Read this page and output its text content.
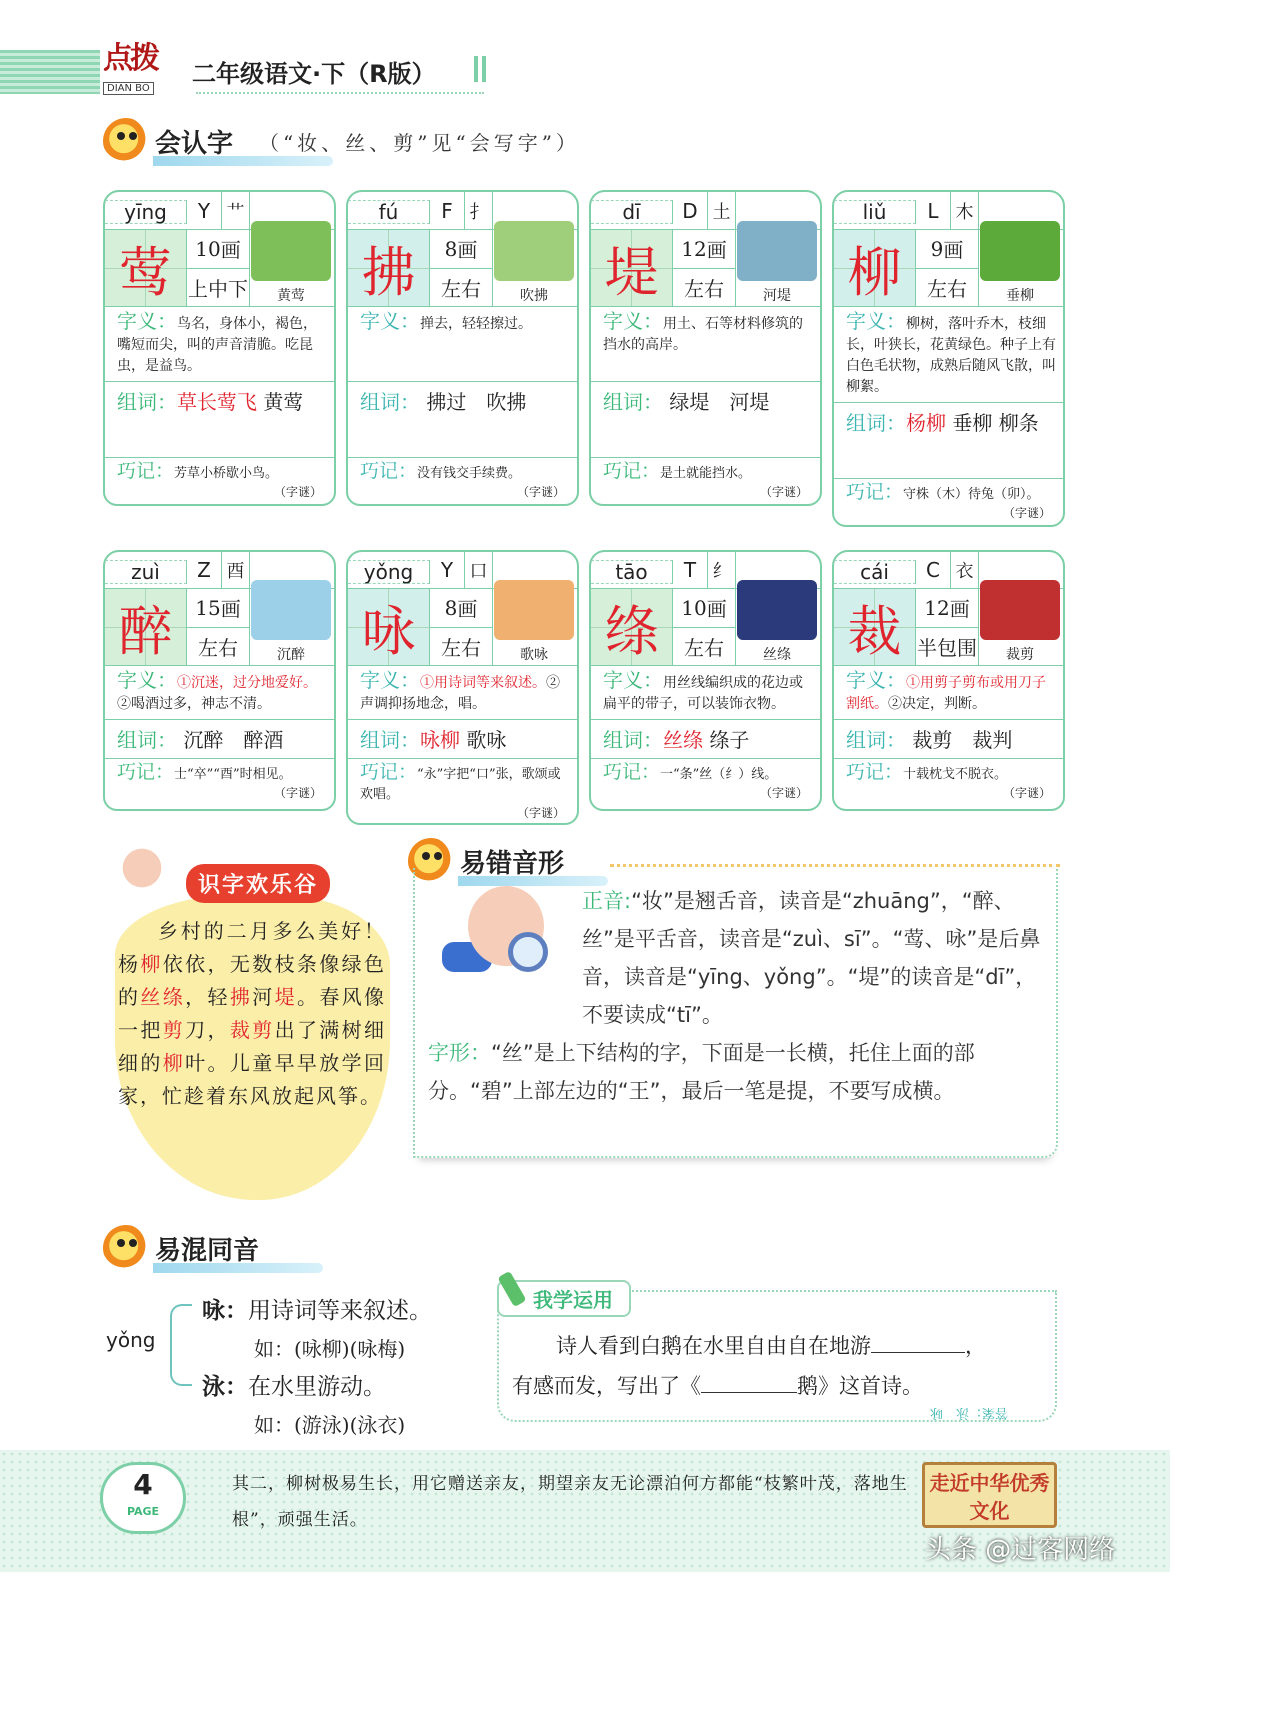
点拨
DIAN BO
二年级语文·下（R版）
会认字 （“妆、丝、剪”见“会写字”）
yīng	Y 艹
莺	10 画
上中下 黄莺
字义：鸟名，身体小，褐色，嘴短而尖，叫的声音清脆。吃昆虫，是益鸟。
组词：草长莺飞 黄莺
巧记：芳草小桥歇小鸟。
（字谜）
fú	F 扌
拂	8 画
左右	吹拂
字义：掸去，轻轻擦过。
组词： 拂过　吹拂
巧记：没有钱交手续费。
（字谜）
dī	D 土
堤	12 画
左右	河堤
字义：用土、石等材料修筑的挡水的高岸。
组词： 绿堤　河堤
巧记：是土就能挡水。
（字谜）
liǔ	L 木
柳	9 画
左右	垂柳
字义：柳树，落叶乔木，枝细长，叶狭长，花黄绿色。种子上有白色毛状物，成熟后随风飞散，叫柳絮。
组词：杨柳 垂柳 柳条
巧记：守株（木）待兔（卯）。
（字谜）
zuì	Z 酉
醉	15 画
左右	沉醉
字义：①沉迷，过分地爱好。②喝酒过多，神志不清。
组词： 沉醉　醉酒
巧记：士“卒”“酉”时相见。
（字谜）
yǒng	Y 口
咏	8 画
左右	歌咏
字义：①用诗词等来叙述。②声调抑扬地念，唱。
组词：咏柳 歌咏
巧记：“永”字把“口”张，歌颂或欢唱。
（字谜）
tāo	T 纟
绦	10 画
左右	丝绦
字义：用丝线编织成的花边或扁平的带子，可以装饰衣物。
组词：丝绦 绦子
巧记：一“条”丝（纟）线。
（字谜）
cái	C 衣
裁	12 画
半包围 裁剪
字义：①用剪子剪布或用刀子割纸。②决定，判断。
组词： 裁剪　裁判
巧记：十载枕戈不脱衣。
（字谜）
识字欢乐谷
乡村的二月多么美好！杨柳依依，无数枝条像绿色的丝绦，轻拂河堤。春风像一把剪刀，裁剪出了满树细细的柳叶。儿童早早放学回家，忙趁着东风放起风筝。
易错音形
正音:“妆”是翘舌音，读音是“zhuāng”，“醉、丝”是平舌音，读音是“zuì、sī”。“莺、咏”是后鼻音，读音是“yīng、yǒng”。“堤”的读音是“dī”，不要读成“tī”。
字形：“丝”是上下结构的字，下面是一长横，托住上面的部分。“碧”上部左边的“王”，最后一笔是提，不要写成横。
易混同音
yǒng
咏：用诗词等来叙述。
如：(咏柳)(咏梅)
泳：在水里游动。
如：(游泳)(泳衣)
我学运用
诗人看到白鹅在水里自由自在地游	，
有感而发，写出了《	鹅》这首诗。
答案：泳　咏
4
PAGE
其二，柳树极易生长，用它赠送亲友，期望亲友无论漂泊何方都能“枝繁叶茂，落地生根”，顽强生活。
走近中华优秀文化
头条 @过客网络
